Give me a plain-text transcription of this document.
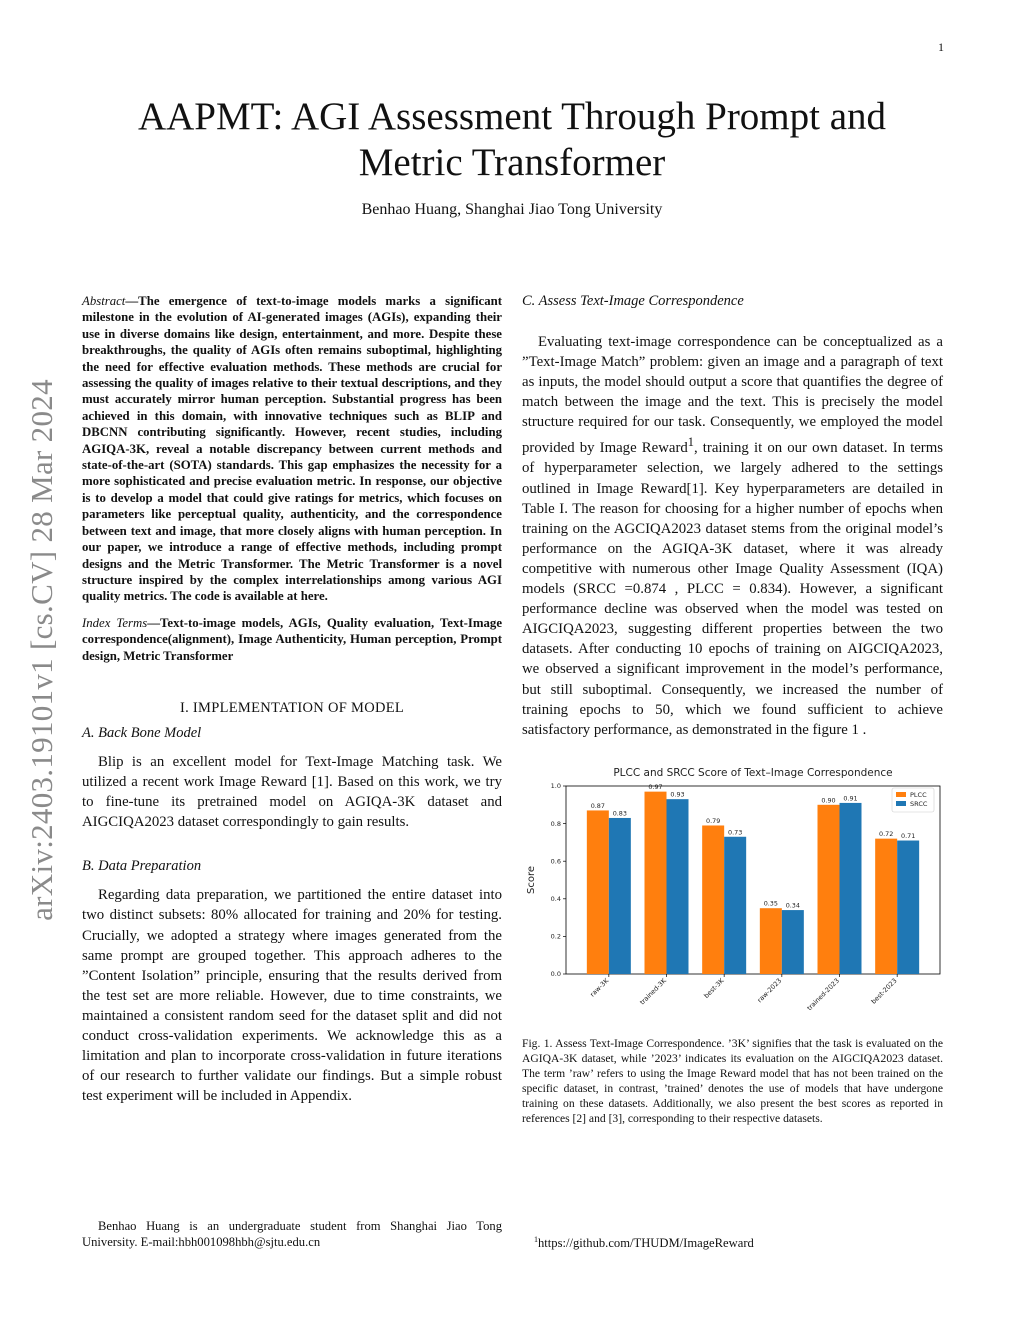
1
arXiv:2403.19101v1 [cs.CV] 28 Mar 2024
AAPMT: AGI Assessment Through Prompt and Metric Transformer
Benhao Huang, Shanghai Jiao Tong University

Abstract—The emergence of text-to-image models marks a significant milestone in the evolution of AI-generated images (AGIs), expanding their use in diverse domains like design, entertainment, and more. Despite these breakthroughs, the quality of AGIs often remains suboptimal, highlighting the need for effective evaluation methods. These methods are crucial for assessing the quality of images relative to their textual descriptions, and they must accurately mirror human perception. Substantial progress has been achieved in this domain, with innovative techniques such as BLIP and DBCNN contributing significantly. However, recent studies, including AGIQA-3K, reveal a notable discrepancy between current methods and state-of-the-art (SOTA) standards. This gap emphasizes the necessity for a more sophisticated and precise evaluation metric. In response, our objective is to develop a model that could give ratings for metrics, which focuses on parameters like perceptual quality, authenticity, and the correspondence between text and image, that more closely aligns with human perception. In our paper, we introduce a range of effective methods, including prompt designs and the Metric Transformer. The Metric Transformer is a novel structure inspired by the complex interrelationships among various AGI quality metrics. The code is available at here.

Index Terms—Text-to-image models, AGIs, Quality evaluation, Text-Image correspondence(alignment), Image Authenticity, Human perception, Prompt design, Metric Transformer

I. IMPLEMENTATION OF MODEL
A. Back Bone Model

Blip is an excellent model for Text-Image Matching task. We utilized a recent work Image Reward [1]. Based on this work, we try to fine-tune its pretrained model on AGIQA-3K dataset and AIGCIQA2023 dataset correspondingly to gain results.

B. Data Preparation

Regarding data preparation, we partitioned the entire dataset into two distinct subsets: 80% allocated for training and 20% for testing. Crucially, we adopted a strategy where images generated from the same prompt are grouped together. This approach adheres to the ”Content Isolation” principle, ensuring that the results derived from the test set are more reliable. However, due to time constraints, we maintained a consistent random seed for the dataset split and did not conduct cross-validation experiments. We acknowledge this as a limitation and plan to incorporate cross-validation in future iterations of our research to further validate our findings. But a simple robust test experiment will be included in Appendix.

C. Assess Text-Image Correspondence

Evaluating text-image correspondence can be conceptualized as a ”Text-Image Match” problem: given an image and a paragraph of text as inputs, the model should output a score that quantifies the degree of match between the image and the text. This is precisely the model structure required for our task. Consequently, we employed the model provided by Image Reward$^1$, training it on our own dataset. In terms of hyperparameter selection, we largely adhered to the settings outlined in Image Reward[1]. Key hyperparameters are detailed in Table I. The reason for choosing for a higher number of epochs when training on the AGCIQA2023 dataset stems from the original model’s performance on the AGIQA-3K dataset, where it was already competitive with numerous other Image Quality Assessment (IQA) models (SRCC =0.874 , PLCC = 0.834). However, a significant performance decline was observed when the model was tested on AIGCIQA2023, suggesting different properties between the two datasets. After conducting 10 epochs of training on AIGCIQA2023, we observed a significant improvement in the model’s performance, but still suboptimal. Consequently, we increased the number of training epochs to 50, which we found sufficient to achieve satisfactory performance, as demonstrated in the figure 1 .

PLCC and SRCC Score of Text–Image Correspondence
0.0
0.2
0.4
0.6
0.8
1.0
Score
raw-3K
0.87
0.83
trained-3K
0.97
0.93
best-3K
0.79
0.73
raw-2023
0.35 0.34
trained-2023
0.90 0.91
best-2023
0.72 0.71
PLCC
SRCC

Fig. 1. Assess Text-Image Correspondence. ’3K’ signifies that the task is evaluated on the AGIQA-3K dataset, while ’2023’ indicates its evaluation on the AIGCIQA2023 dataset. The term ’raw’ refers to using the Image Reward model that has not been trained on the specific dataset, in contrast, ’trained’ denotes the use of models that have undergone training on these datasets. Additionally, we also present the best scores as reported in references [2] and [3], corresponding to their respective datasets.

Benhao Huang is an undergraduate student from Shanghai Jiao Tong University. E-mail:hbh001098hbh@sjtu.edu.cn	$^1$https://github.com/THUDM/ImageReward
